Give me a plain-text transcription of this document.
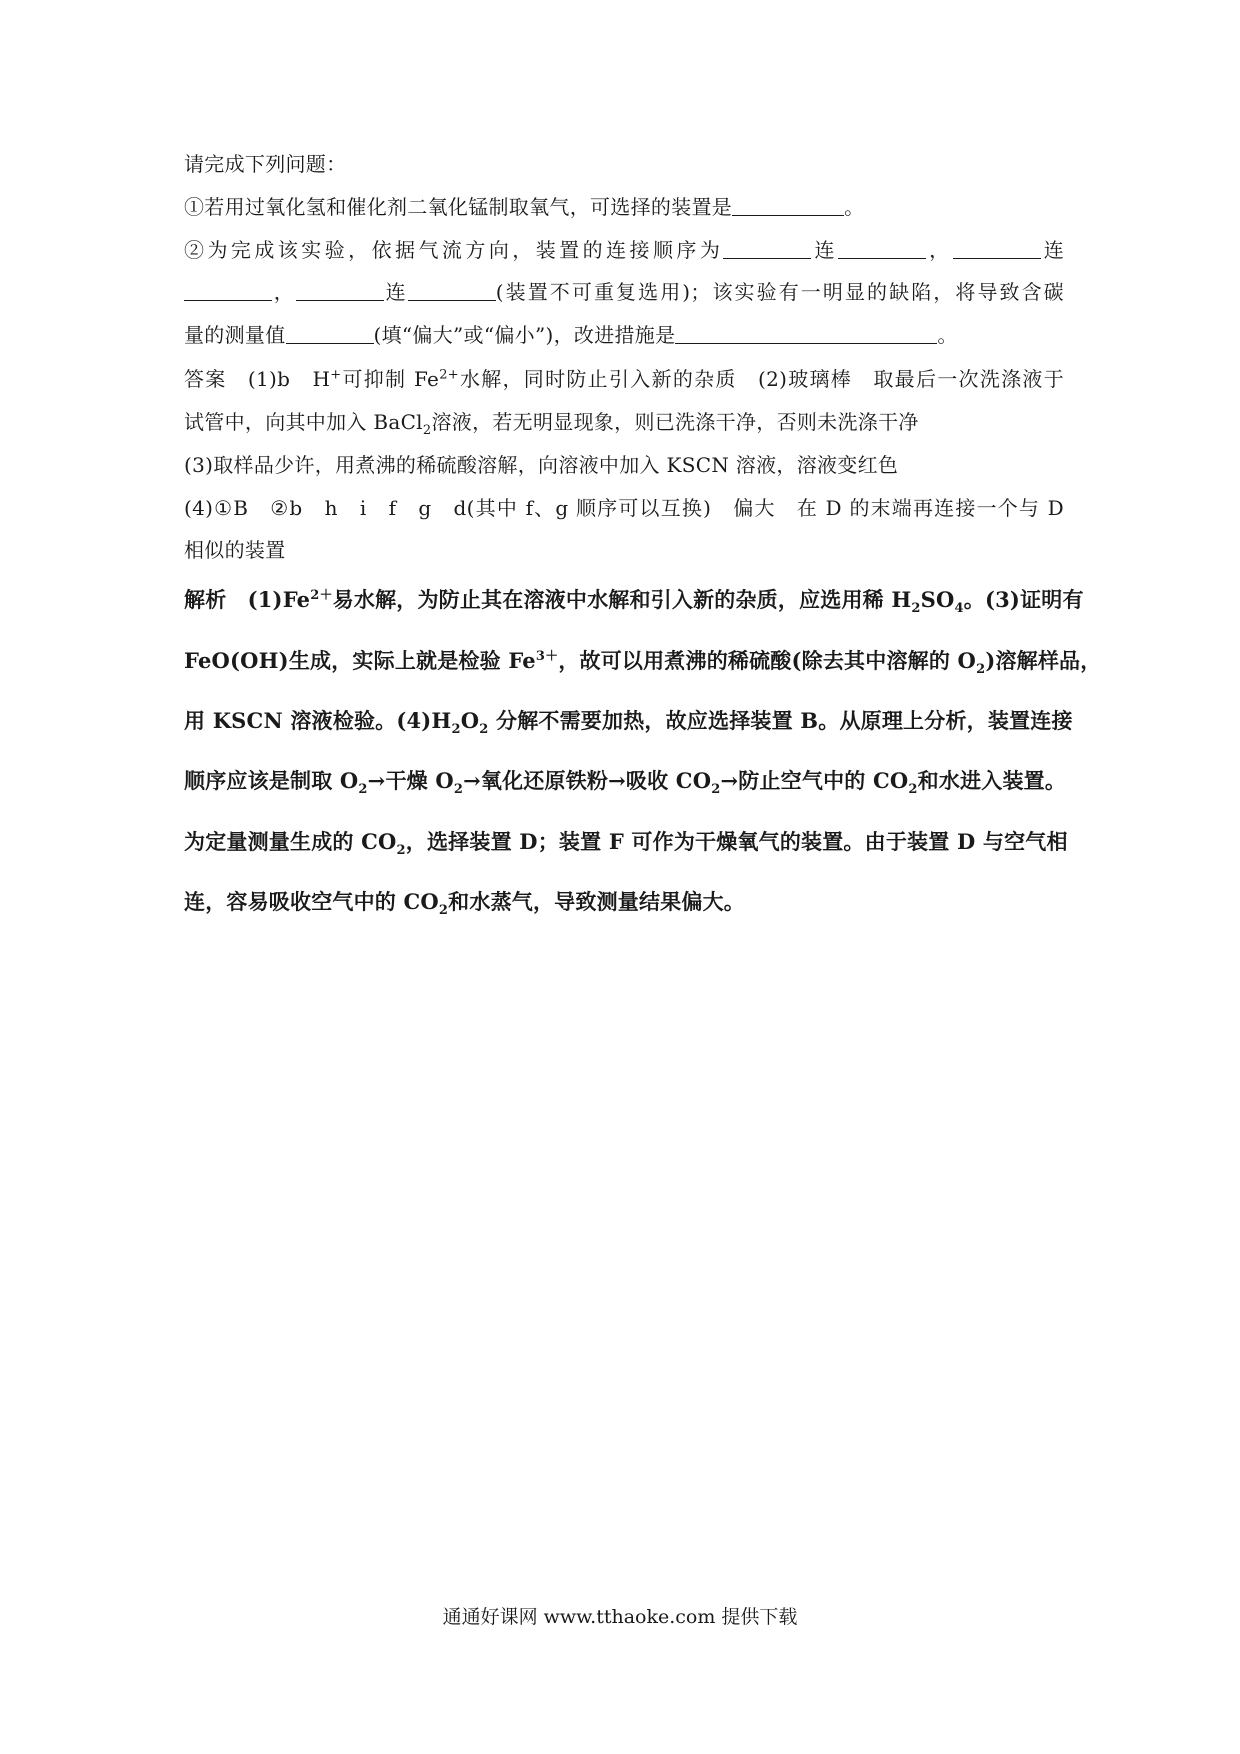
请完成下列问题：
①若用过氧化氢和催化剂二氧化锰制取氧气，可选择的装置是	。
②为完成该实验，依据气流方向，装置的连接顺序为	连	，	连
，	连	(装置不可重复选用)；该实验有一明显的缺陷，将导致含碳
量的测量值	(填“偏大”或“偏小”)，改进措施是	。
答案　 (1)b　H+可抑制 $Fe^{2+}$水解，同时防止引入新的杂质　(2)玻璃棒　取最后一次洗涤液于
试管中，向其中加入 BaCl$_2$溶液，若无明显现象，则已洗涤干净，否则未洗涤干净
(3)取样品少许，用煮沸的稀硫酸溶解，向溶液中加入 KSCN 溶液，溶液变红色
(4)①B　②b　h　i　f　g　d(其中 f、g 顺序可以互换)　偏大　在 D 的末端再连接一个与 D
相似的装置
解析　 $(1)Fe^{2+}$易水解，为防止其在溶液中水解和引入新的杂质，应选用稀 $H_2SO_4$。(3)证明有
FeO(OH)生成，实际上就是检验 $Fe^{3+}$，故可以用煮沸的稀硫酸(除去其中溶解的 $O_2$)溶解样品，
用 KSCN 溶液检验。$(4)H_2O_2$ 分解不需要加热，故应选择装置 B。从原理上分析，装置连接
顺序应该是制取 $O_2\to$干燥 $O_2\to$氧化还原铁粉→吸收 $CO_2\to$防止空气中的 $CO_2$和水进入装置。
为定量测量生成的 $CO_2$，选择装置 D；装置 F 可作为干燥氧气的装置。由于装置 D 与空气相
连，容易吸收空气中的 $CO_2$和水蒸气，导致测量结果偏大。
通通好课网 www.tthaoke.com 提供下载
